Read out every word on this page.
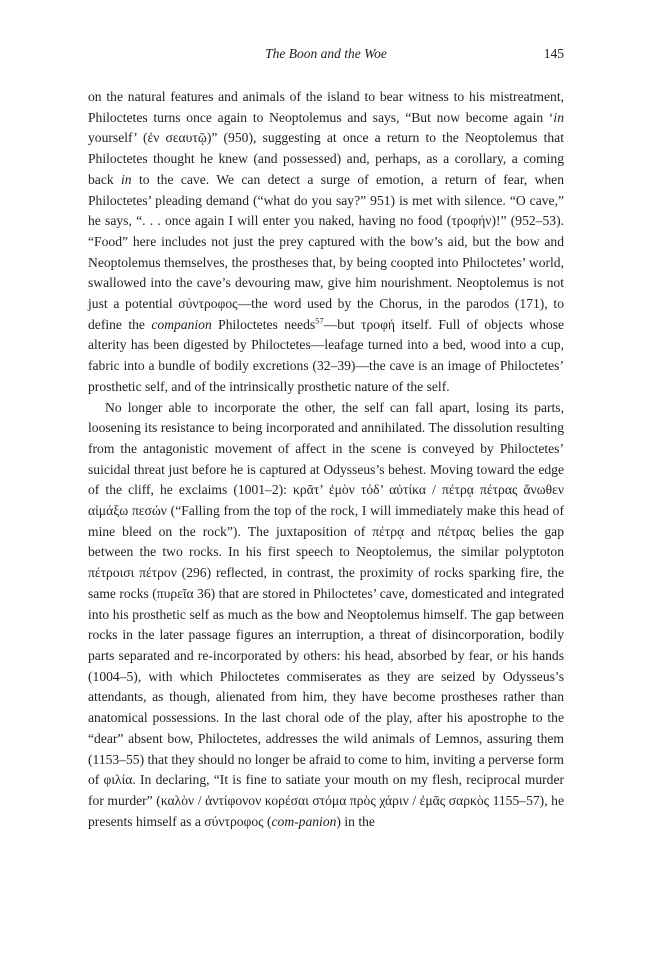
The Boon and the Woe	145

on the natural features and animals of the island to bear witness to his mistreatment, Philoctetes turns once again to Neoptolemus and says, “But now become again ‘in yourself’ (ἐν σεαυτῷ)” (950), suggesting at once a return to the Neoptolemus that Philoctetes thought he knew (and possessed) and, perhaps, as a corollary, a coming back in to the cave. We can detect a surge of emotion, a return of fear, when Philoctetes’ pleading demand (“what do you say?” 951) is met with silence. “O cave,” he says, “. . . once again I will enter you naked, having no food (τροφήν)!” (952–53). “Food” here includes not just the prey captured with the bow’s aid, but the bow and Neoptolemus themselves, the prostheses that, by being coopted into Philoctetes’ world, swallowed into the cave’s devouring maw, give him nourishment. Neoptolemus is not just a potential σύντροφος—the word used by the Chorus, in the parodos (171), to define the companion Philoctetes needs$^{57}$—but τροφή itself. Full of objects whose alterity has been digested by Philoctetes—leafage turned into a bed, wood into a cup, fabric into a bundle of bodily excretions (32–39)—the cave is an image of Philoctetes’ prosthetic self, and of the intrinsically prosthetic nature of the self.

No longer able to incorporate the other, the self can fall apart, losing its parts, loosening its resistance to being incorporated and annihilated. The dissolution resulting from the antagonistic movement of affect in the scene is conveyed by Philoctetes’ suicidal threat just before he is captured at Odysseus’s behest. Moving toward the edge of the cliff, he exclaims (1001–2): κρᾶτ’ ἐμὸν τόδ’ αὐτίκα / πέτρᾳ πέτρας ἄνωθεν αἱμάξω πεσών (“Falling from the top of the rock, I will immediately make this head of mine bleed on the rock”). The juxtaposition of πέτρᾳ and πέτρας belies the gap between the two rocks. In his first speech to Neoptolemus, the similar polyptoton πέτροισι πέτρον (296) reflected, in contrast, the proximity of rocks sparking fire, the same rocks (πυρεῖα 36) that are stored in Philoctetes’ cave, domesticated and integrated into his prosthetic self as much as the bow and Neoptolemus himself. The gap between rocks in the later passage figures an interruption, a threat of disincorporation, bodily parts separated and re-incorporated by others: his head, absorbed by fear, or his hands (1004–5), with which Philoctetes commiserates as they are seized by Odysseus’s attendants, as though, alienated from him, they have become prostheses rather than anatomical possessions. In the last choral ode of the play, after his apostrophe to the “dear” absent bow, Philoctetes, addresses the wild animals of Lemnos, assuring them (1153–55) that they should no longer be afraid to come to him, inviting a perverse form of φιλία. In declaring, “It is fine to satiate your mouth on my flesh, reciprocal murder for murder” (καλὸν / ἀντίφονον κορέσαι στόμα πρὸς χάριν / ἐμᾶς σαρκὸς 1155–57), he presents himself as a σύντροφος (com-panion) in the
